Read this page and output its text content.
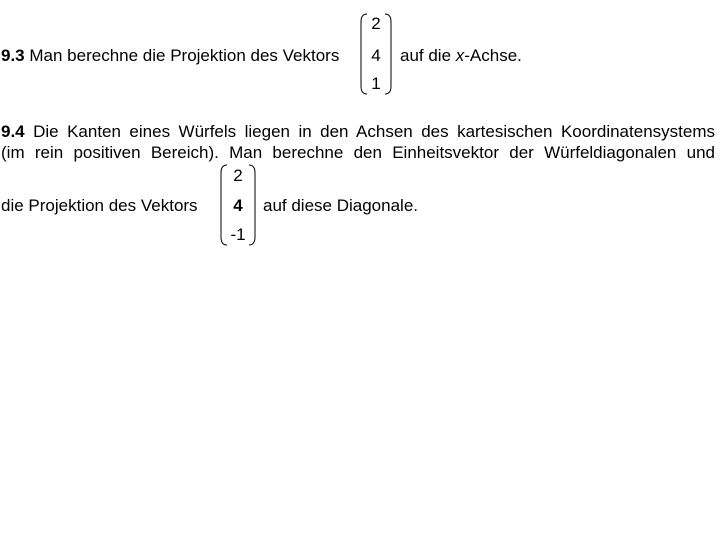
9.3 Man berechne die Projektion des Vektors
2
4
1
auf die x-Achse.
9.4 Die Kanten eines Würfels liegen in den Achsen des kartesischen Koordinatensystems
(im rein positiven Bereich). Man berechne den Einheitsvektor der Würfeldiagonalen und
die Projektion des Vektors
2
4
-1
auf diese Diagonale.
